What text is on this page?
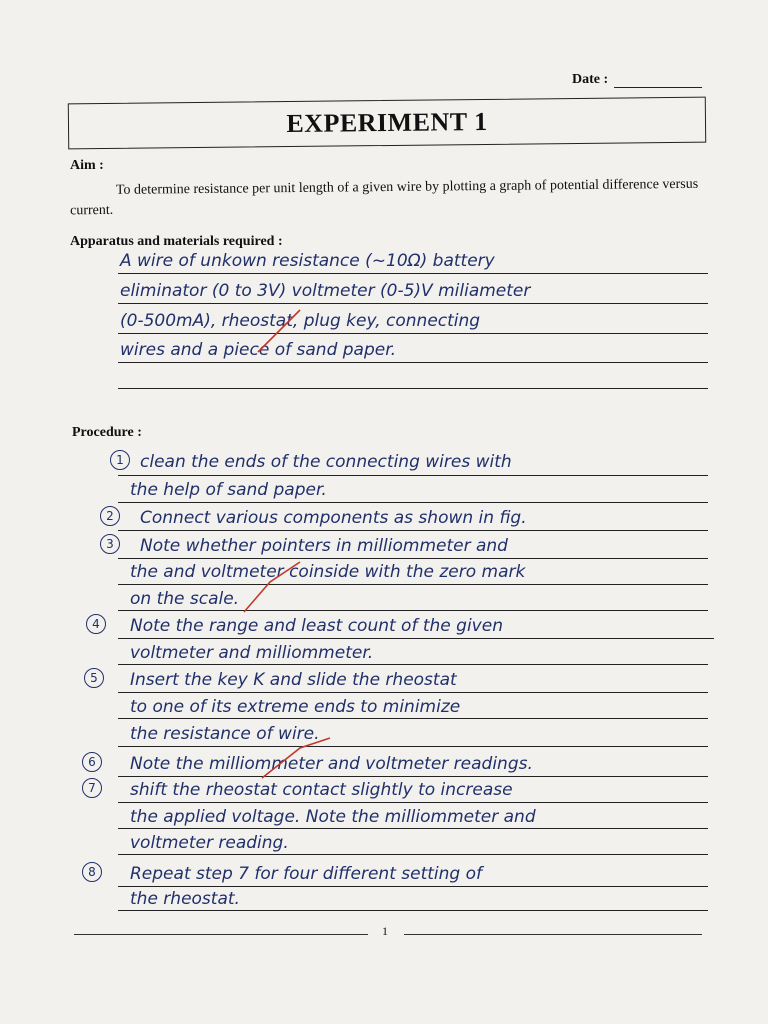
Date :
EXPERIMENT 1
Aim :
To determine resistance per unit length of a given wire by plotting a graph of potential difference versus current.
Apparatus and materials required :
A wire of unkown resistance (~10Ω) battery
eliminator (0 to 3V) voltmeter (0-5)V miliameter
(0-500mA), rheostat, plug key, connecting
wires and a piece of sand paper.
Procedure :
1 clean the ends of the connecting wires with
the help of sand paper.
2	Connect various components as shown in fig.
3	Note whether pointers in milliommeter and
the and voltmeter coinside with the zero mark
on the scale.
4	Note the range and least count of the given
voltmeter and milliommeter.
5	Insert the key K and slide the rheostat
to one of its extreme ends to minimize
the resistance of wire.
6	Note the milliommeter and voltmeter readings.
7	shift the rheostat contact slightly to increase
the applied voltage. Note the milliommeter and
voltmeter reading.
8	Repeat step 7 for four different setting of
the rheostat.
1
